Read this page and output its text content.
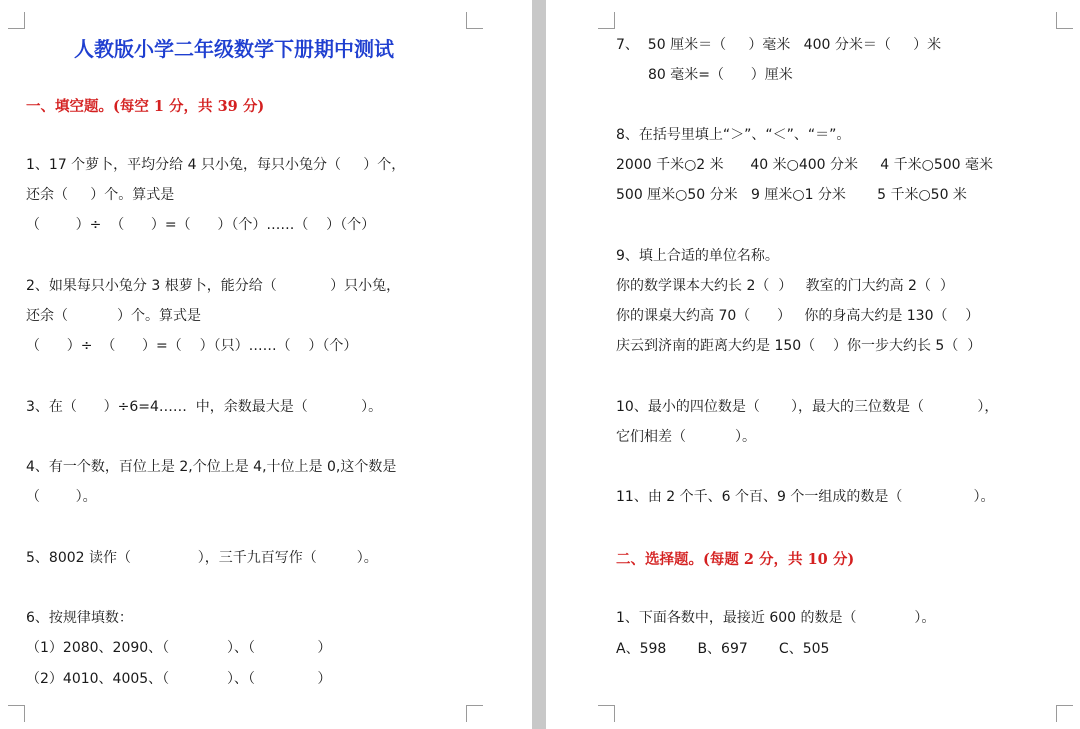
人教版小学二年级数学下册期中测试
一、填空题。(每空 1 分，共 39 分)
1、17 个萝卜，平均分给 4 只小兔，每只小兔分（     ）个，
还余（     ）个。算式是
（        ）÷  （      ）=（      ）（个）……（    ）（个）
2、如果每只小兔分 3 根萝卜，能分给（            ）只小兔，
还余（           ）个。算式是
（      ）÷  （      ）=（    ）（只）……（    ）（个）
3、在（      ）÷6=4……  中，余数最大是（            ）。
4、有一个数，百位上是 2,个位上是 4,十位上是 0,这个数是
（        ）。
5、8002 读作（               ），三千九百写作（         ）。
6、按规律填数：
（1）2080、2090、（             ）、（              ）
（2）4010、4005、（             ）、（              ）
7、  50 厘米＝（     ）毫米   400 分米＝（     ）米
80 毫米=（      ）厘米
8、在括号里填上“＞”、“＜”、“＝”。
2000 千米○2 米      40 米○400 分米     4 千米○500 毫米
500 厘米○50 分米   9 厘米○1 分米       5 千米○50 米
9、填上合适的单位名称。
你的数学课本大约长 2（  ）   教室的门大约高 2（  ）
你的课桌大约高 70（      ）   你的身高大约是 130（    ）
庆云到济南的距离大约是 150（    ）你一步大约长 5（  ）
10、最小的四位数是（       ），最大的三位数是（            ），
它们相差（           ）。
11、由 2 个千、6 个百、9 个一组成的数是（                ）。
二、选择题。(每题 2 分，共 10 分)
1、下面各数中，最接近 600 的数是（             ）。
A、598       B、697       C、505
